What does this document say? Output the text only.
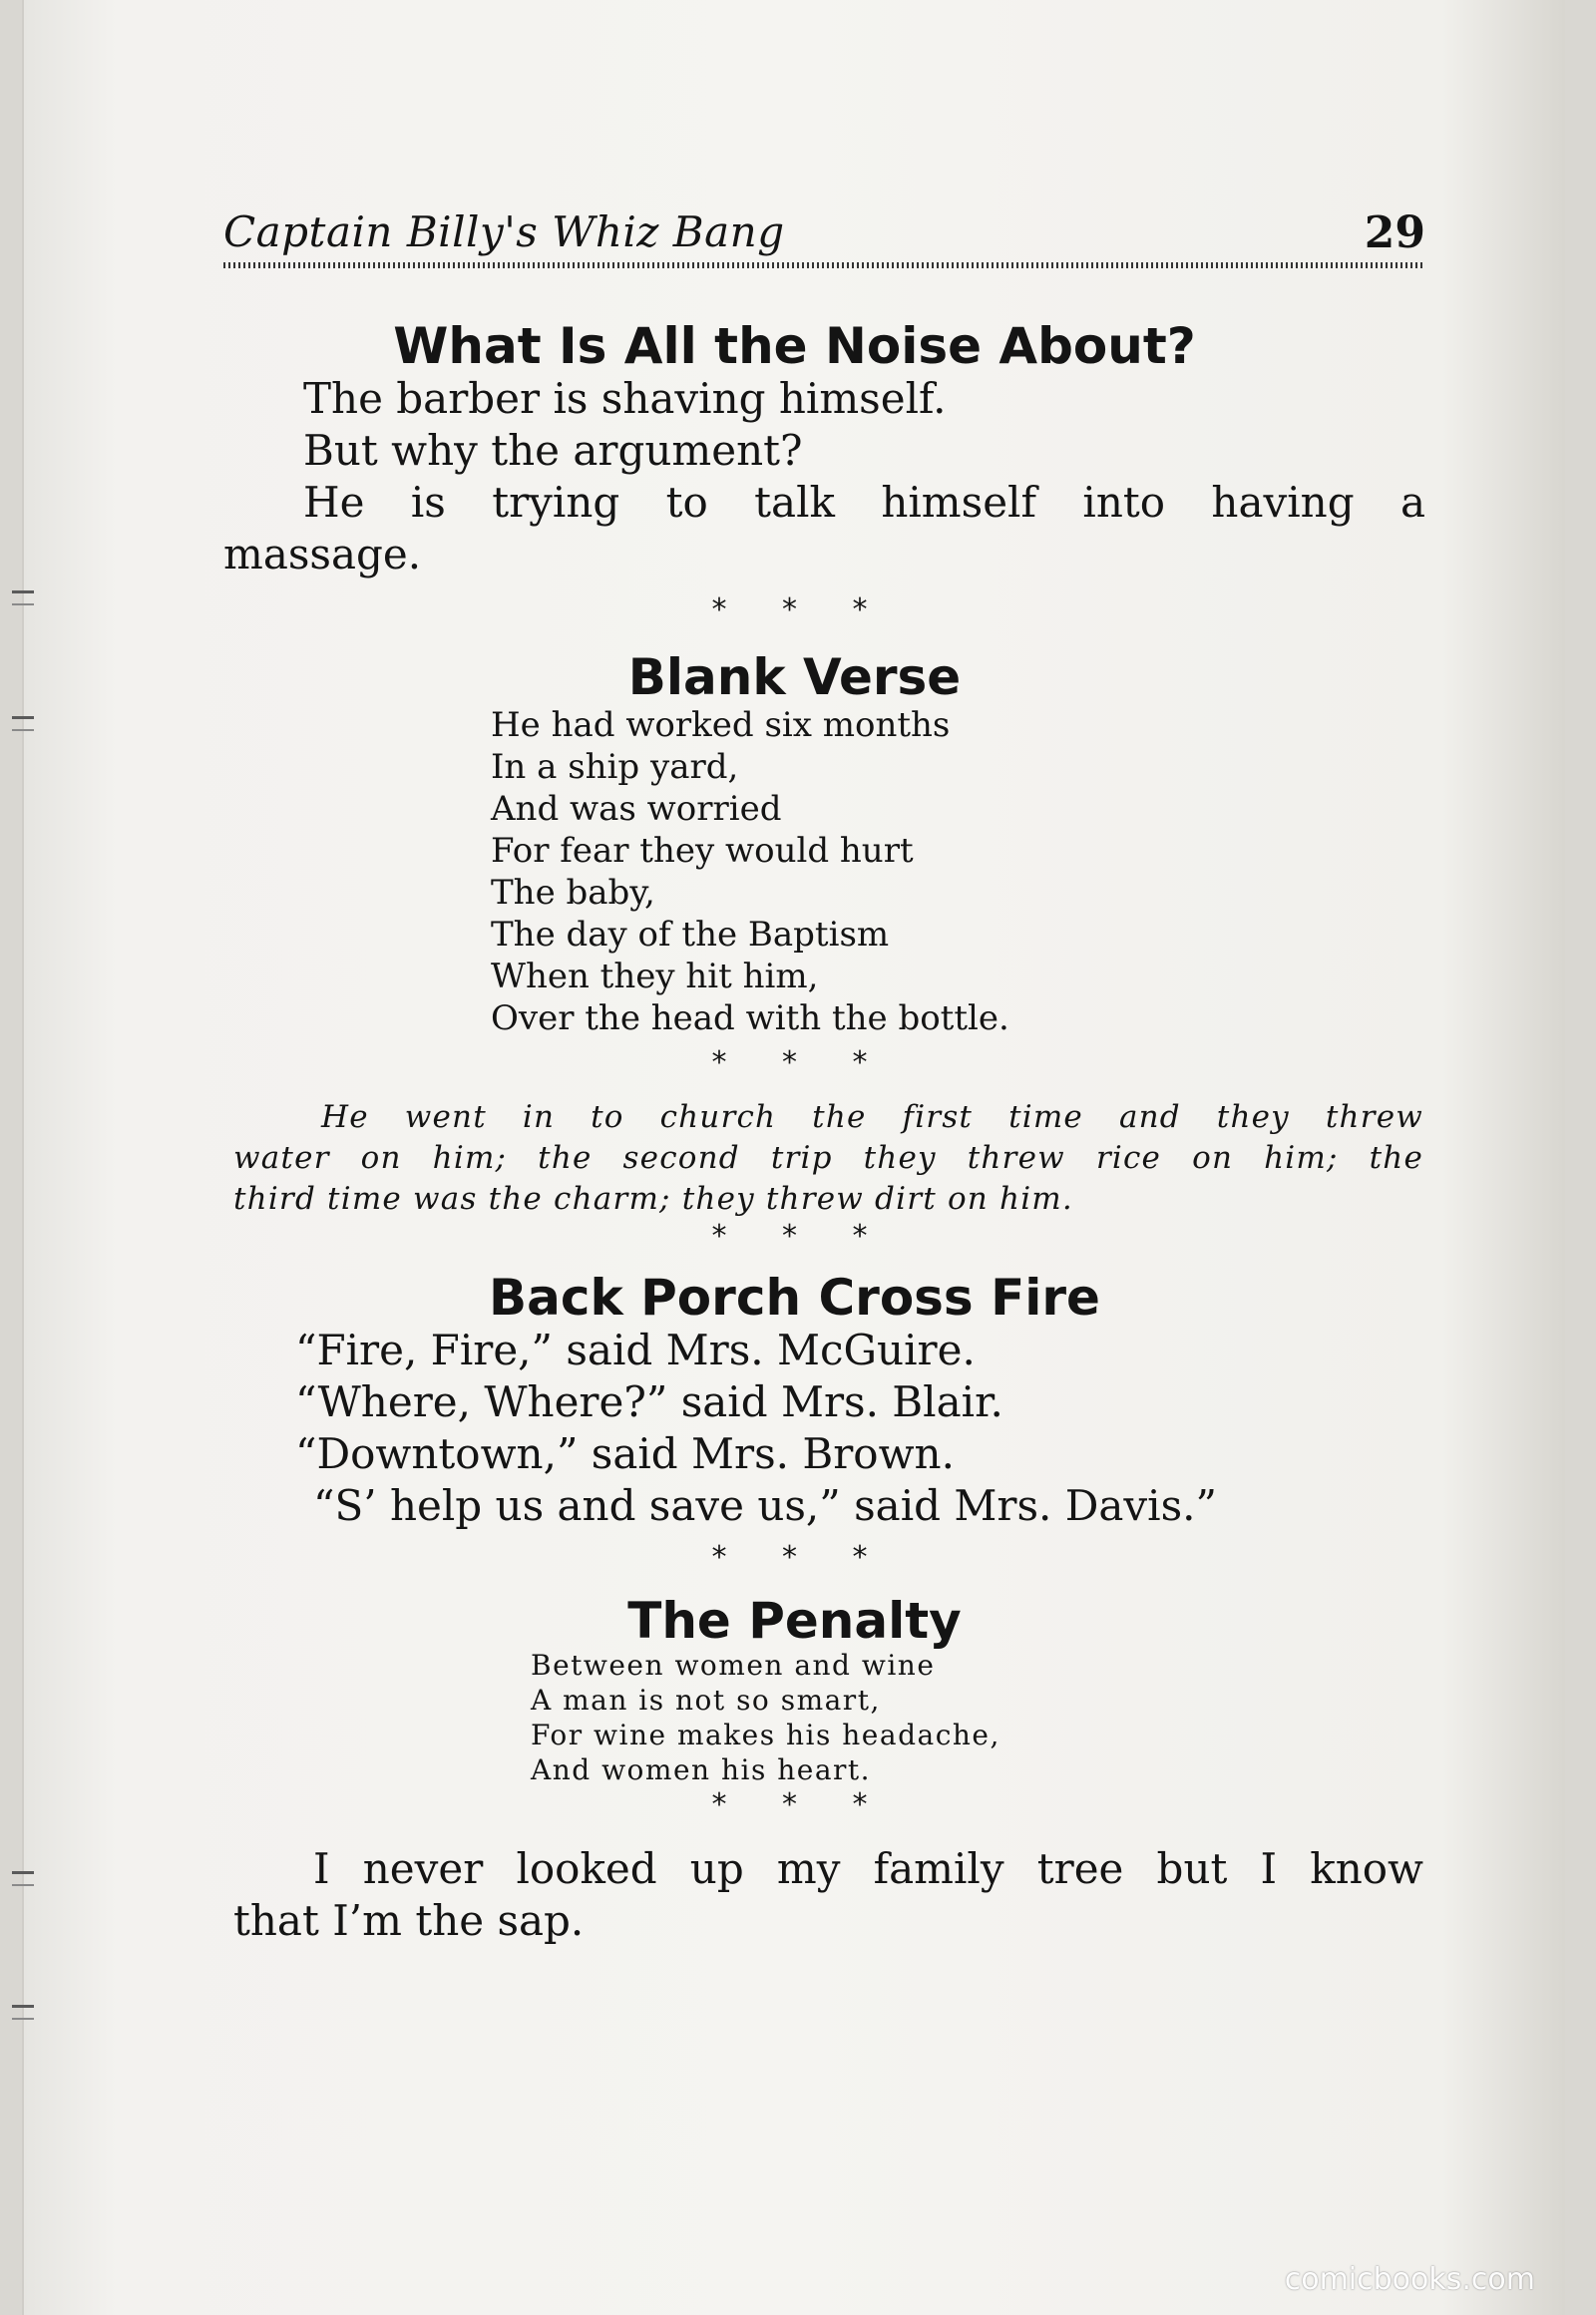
Captain Billy's Whiz Bang	29
What Is All the Noise About?
The barber is shaving himself.
But why the argument?
He is trying to talk himself into having a
massage.
* * *
Blank Verse
He had worked six months
In a ship yard,
And was worried
For fear they would hurt
The baby,
The day of the Baptism
When they hit him,
Over the head with the bottle.
* * *
He went in to church the first time and they threw
water on him; the second trip they threw rice on him; the
third time was the charm; they threw dirt on him.
* * *
Back Porch Cross Fire
“Fire, Fire,” said Mrs. McGuire.
“Where, Where?” said Mrs. Blair.
“Downtown,” said Mrs. Brown.
“S’ help us and save us,” said Mrs. Davis.”
* * *
The Penalty
Between women and wine
A man is not so smart,
For wine makes his headache,
And women his heart.
* * *
I never looked up my family tree but I know
that I’m the sap.
comicbooks.com
